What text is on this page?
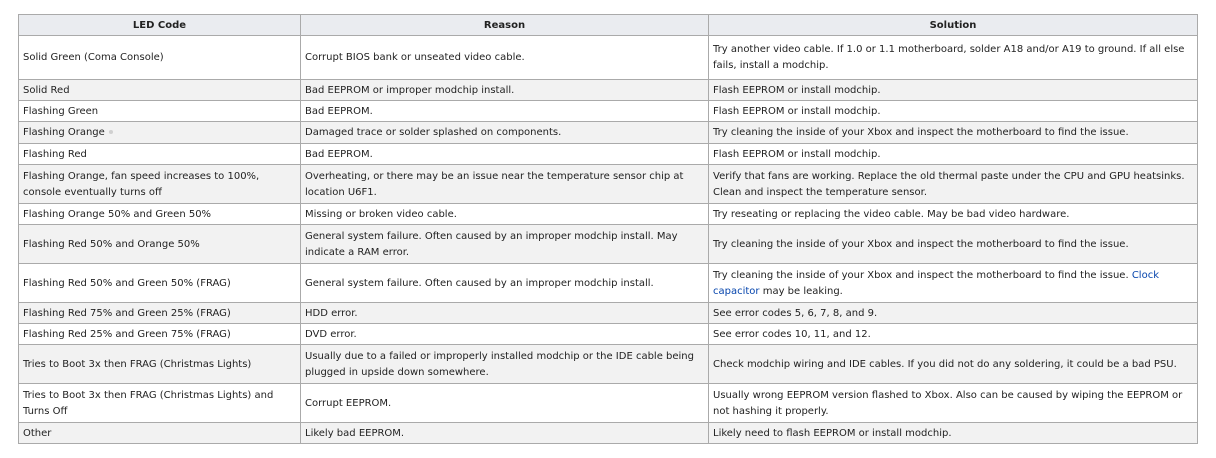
LED Code	Reason	Solution
Solid Green (Coma Console)	Corrupt BIOS bank or unseated video cable.	Try another video cable. If 1.0 or 1.1 motherboard, solder A18 and/or A19 to ground. If all else fails, install a modchip.
Solid Red	Bad EEPROM or improper modchip install.	Flash EEPROM or install modchip.
Flashing Green	Bad EEPROM.	Flash EEPROM or install modchip.
Flashing Orange	Damaged trace or solder splashed on components.	Try cleaning the inside of your Xbox and inspect the motherboard to find the issue.
Flashing Red	Bad EEPROM.	Flash EEPROM or install modchip.
Flashing Orange, fan speed increases to 100%, console eventually turns off	Overheating, or there may be an issue near the temperature sensor chip at location U6F1.	Verify that fans are working. Replace the old thermal paste under the CPU and GPU heatsinks. Clean and inspect the temperature sensor.
Flashing Orange 50% and Green 50%	Missing or broken video cable.	Try reseating or replacing the video cable. May be bad video hardware.
Flashing Red 50% and Orange 50%	General system failure. Often caused by an improper modchip install. May indicate a RAM error.	Try cleaning the inside of your Xbox and inspect the motherboard to find the issue.
Flashing Red 50% and Green 50% (FRAG)	General system failure. Often caused by an improper modchip install.	Try cleaning the inside of your Xbox and inspect the motherboard to find the issue. Clock capacitor may be leaking.
Flashing Red 75% and Green 25% (FRAG)	HDD error.	See error codes 5, 6, 7, 8, and 9.
Flashing Red 25% and Green 75% (FRAG)	DVD error.	See error codes 10, 11, and 12.
Tries to Boot 3x then FRAG (Christmas Lights)	Usually due to a failed or improperly installed modchip or the IDE cable being plugged in upside down somewhere.	Check modchip wiring and IDE cables. If you did not do any soldering, it could be a bad PSU.
Tries to Boot 3x then FRAG (Christmas Lights) and Turns Off	Corrupt EEPROM.	Usually wrong EEPROM version flashed to Xbox. Also can be caused by wiping the EEPROM or not hashing it properly.
Other	Likely bad EEPROM.	Likely need to flash EEPROM or install modchip.
